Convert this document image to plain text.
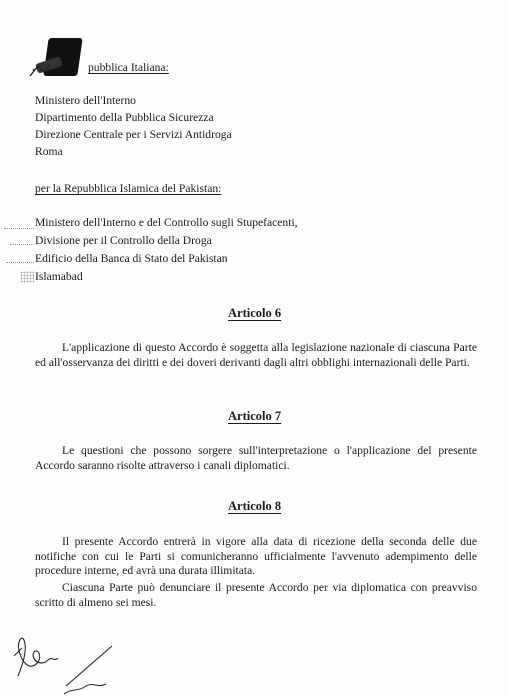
pubblica Italiana:
Ministero dell'Interno
Dipartimento della Pubblica Sicurezza
Direzione Centrale per i Servizi Antidroga
Roma
per la Repubblica Islamica del Pakistan:
Ministero dell'Interno e del Controllo sugli Stupefacenti,
Divisione per il Controllo della Droga
Edificio della Banca di Stato del Pakistan
Islamabad
Articolo 6
L'applicazione di questo Accordo è soggetta alla legislazione nazionale di ciascuna Parte ed all'osservanza dei diritti e dei doveri derivanti dagli altri obblighi internazionali delle Parti.
Articolo 7
Le questioni che possono sorgere sull'interpretazione o l'applicazione del presente Accordo saranno risolte attraverso i canali diplomatici.
Articolo 8
Il presente Accordo entrerà in vigore alla data di ricezione della seconda delle due notifiche con cui le Parti si comunicheranno ufficialmente l'avvenuto adempimento delle procedure interne, ed avrà una durata illimitata.
Ciascuna Parte può denunciare il presente Accordo per via diplomatica con preavviso scritto di almeno sei mesi.
